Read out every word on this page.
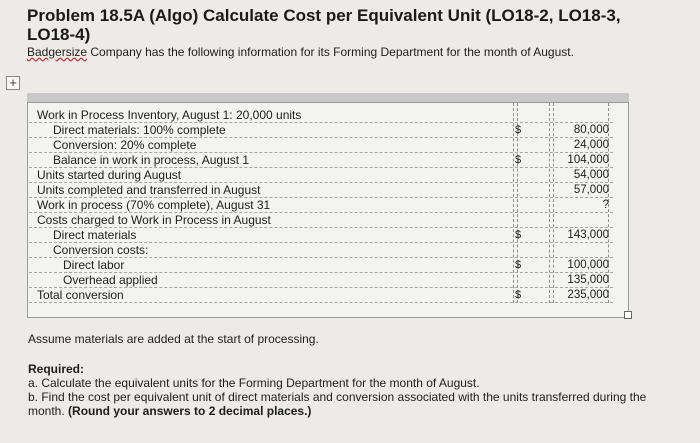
Problem 18.5A (Algo) Calculate Cost per Equivalent Unit (LO18-2, LO18-3, LO18-4)
Badgersize Company has the following information for its Forming Department for the month of August.
+
Work in Process Inventory, August 1: 20,000 units
Direct materials: 100% complete	$	80,000
Conversion: 20% complete	24,000
Balance in work in process, August 1	$	104,000
Units started during August	54,000
Units completed and transferred in August	57,000
Work in process (70% complete), August 31	?
Costs charged to Work in Process in August
Direct materials	$	143,000
Conversion costs:
Direct labor	$	100,000
Overhead applied	135,000
Total conversion	$	235,000
Assume materials are added at the start of processing.
Required:
a. Calculate the equivalent units for the Forming Department for the month of August.
b. Find the cost per equivalent unit of direct materials and conversion associated with the units transferred during the month. (Round your answers to 2 decimal places.)
